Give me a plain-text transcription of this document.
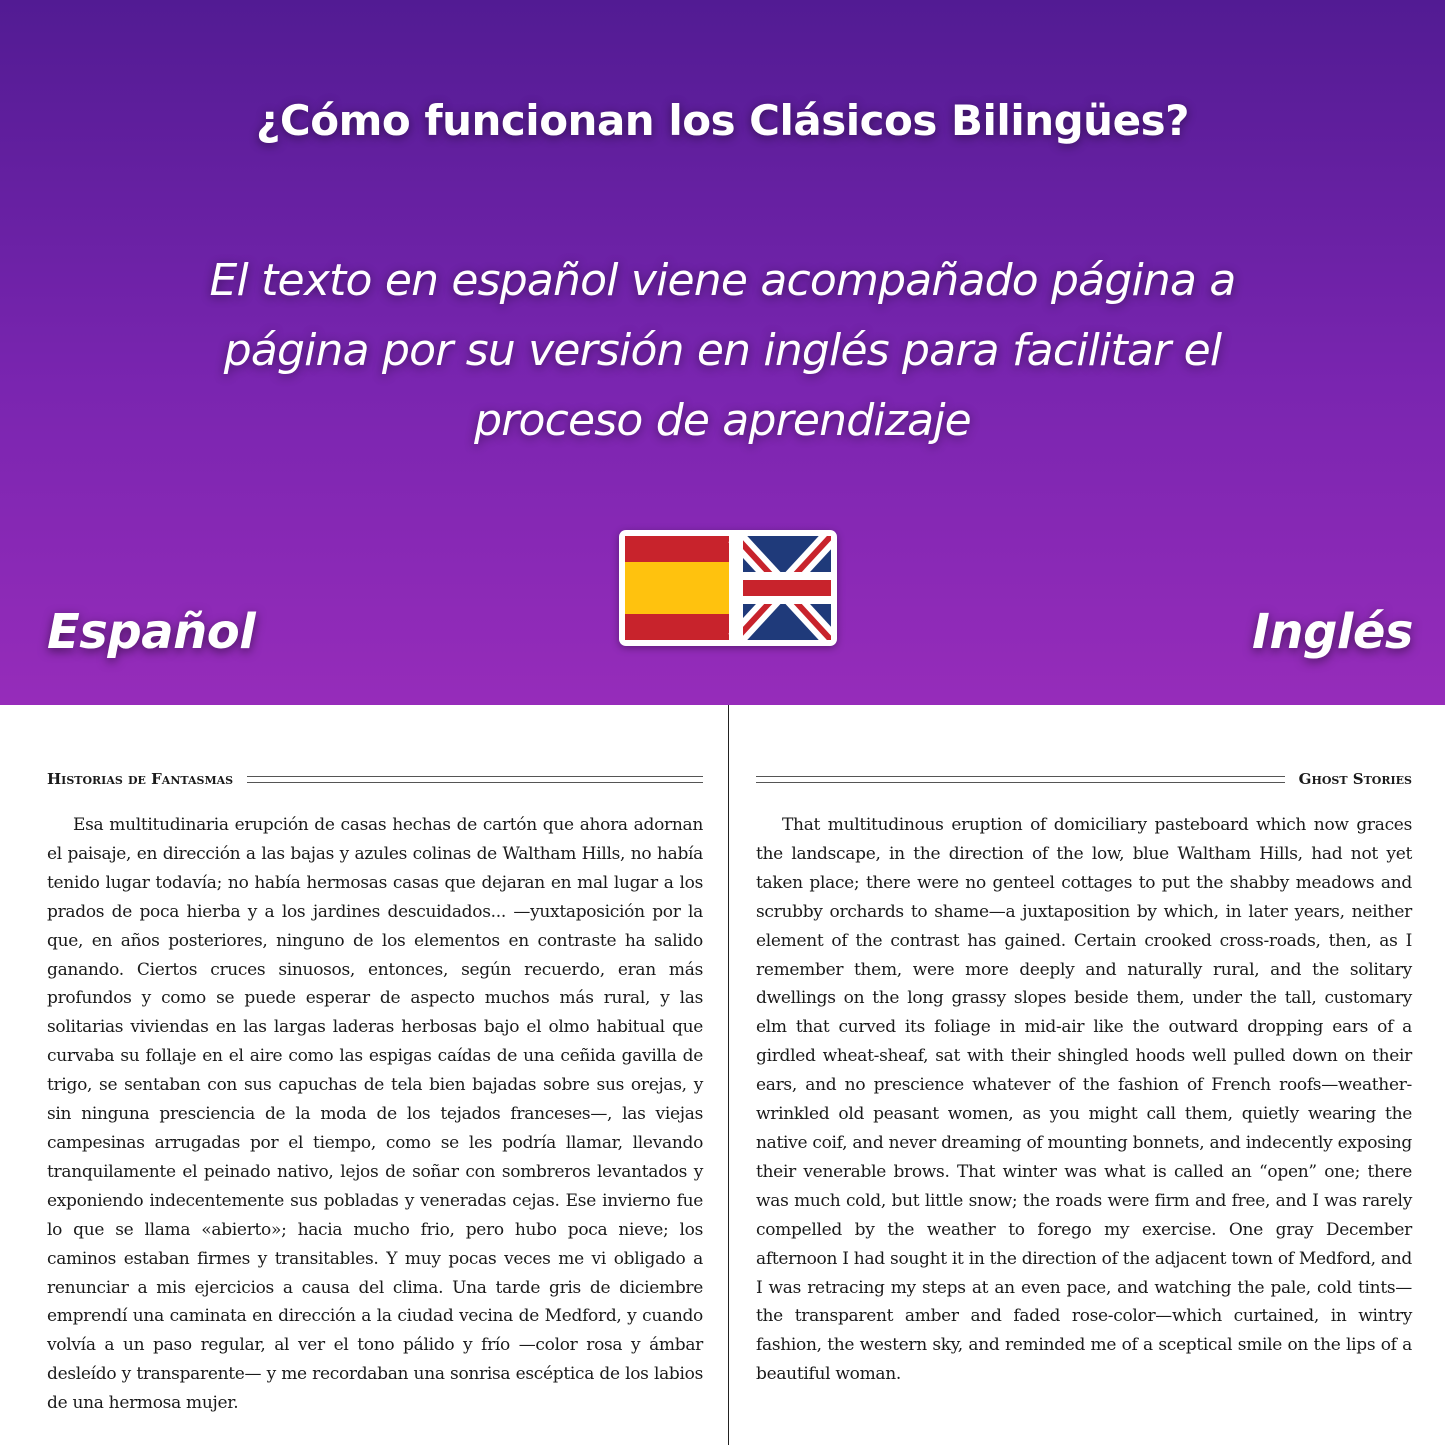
¿Cómo funcionan los Clásicos Bilingües?
El texto en español viene acompañado página a página por su versión en inglés para facilitar el proceso de aprendizaje
Español	Inglés
Historias de Fantasmas

Esa multitudinaria erupción de casas hechas de cartón que ahora adornan el paisaje, en dirección a las bajas y azules colinas de Waltham Hills, no había tenido lugar todavía; no había hermosas casas que dejaran en mal lugar a los prados de poca hierba y a los jardines descuidados... —yuxtaposición por la que, en años posteriores, ninguno de los elementos en contraste ha salido ganando. Ciertos cruces sinuosos, entonces, según recuerdo, eran más profundos y como se puede esperar de aspecto muchos más rural, y las solitarias viviendas en las largas laderas herbosas bajo el olmo habitual que curvaba su follaje en el aire como las espigas caídas de una ceñida gavilla de trigo, se sentaban con sus capuchas de tela bien bajadas sobre sus orejas, y sin ninguna presciencia de la moda de los tejados franceses—, las viejas campesinas arrugadas por el tiempo, como se les podría llamar, llevando tranquilamente el peinado nativo, lejos de soñar con sombreros levantados y exponiendo indecentemente sus pobladas y veneradas cejas. Ese invierno fue lo que se llama «abierto»; hacia mucho frio, pero hubo poca nieve; los caminos estaban firmes y transitables. Y muy pocas veces me vi obligado a renunciar a mis ejercicios a causa del clima. Una tarde gris de diciembre emprendí una caminata en dirección a la ciudad vecina de Medford, y cuando volvía a un paso regular, al ver el tono pálido y frío —color rosa y ámbar desleído y transparente— y me recordaban una sonrisa escéptica de los labios de una hermosa mujer.

Ghost Stories

That multitudinous eruption of domiciliary pasteboard which now graces the landscape, in the direction of the low, blue Waltham Hills, had not yet taken place; there were no genteel cottages to put the shabby meadows and scrubby orchards to shame—a juxtaposition by which, in later years, neither element of the contrast has gained. Certain crooked cross-roads, then, as I remember them, were more deeply and naturally rural, and the solitary dwellings on the long grassy slopes beside them, under the tall, customary elm that curved its foliage in mid-air like the outward dropping ears of a girdled wheat-sheaf, sat with their shingled hoods well pulled down on their ears, and no prescience whatever of the fashion of French roofs—weather-wrinkled old peasant women, as you might call them, quietly wearing the native coif, and never dreaming of mounting bonnets, and indecently exposing their venerable brows. That winter was what is called an “open” one; there was much cold, but little snow; the roads were firm and free, and I was rarely compelled by the weather to forego my exercise. One gray December afternoon I had sought it in the direction of the adjacent town of Medford, and I was retracing my steps at an even pace, and watching the pale, cold tints—the transparent amber and faded rose-color—which curtained, in wintry fashion, the western sky, and reminded me of a sceptical smile on the lips of a beautiful woman.
